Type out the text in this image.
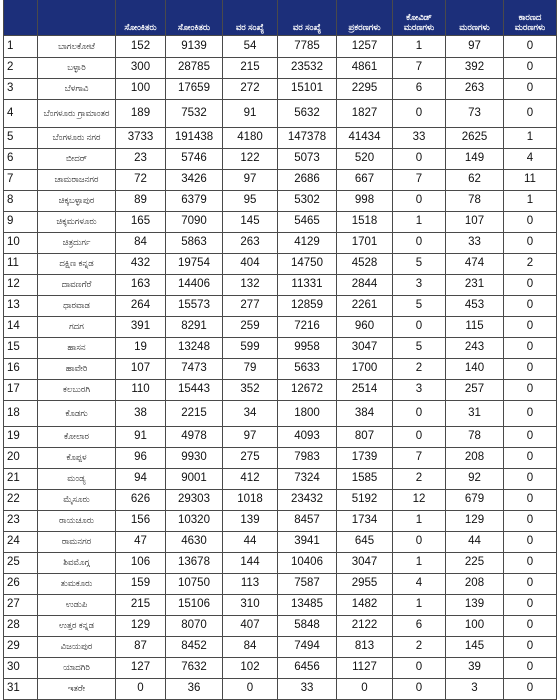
		ಸೋಂಕಿತರು	ಸೋಂಕಿತರು	ವರ ಸಂಖ್ಯೆ	ವರ ಸಂಖ್ಯೆ	ಪ್ರಕರಣಗಳು	ಕೋವಿಡ್ ಮರಣಗಳು	ಮರಣಗಳು	ಕಾರಣದ ಮರಣಗಳು
1	ಬಾಗಲಕೋಟೆ	152	9139	54	7785	1257	1	97	0
2	ಬಳ್ಳಾರಿ	300	28785	215	23532	4861	7	392	0
3	ಬೆಳಗಾವಿ	100	17659	272	15101	2295	6	263	0
4	ಬೆಂಗಳೂರು ಗ್ರಾಮಾಂತರ	189	7532	91	5632	1827	0	73	0
5	ಬೆಂಗಳೂರು ನಗರ	3733	191438	4180	147378	41434	33	2625	1
6	ಬೀದರ್	23	5746	122	5073	520	0	149	4
7	ಚಾಮರಾಜನಗರ	72	3426	97	2686	667	7	62	11
8	ಚಿಕ್ಕಬಳ್ಳಾಪುರ	89	6379	95	5302	998	0	78	1
9	ಚಿಕ್ಕಮಗಳೂರು	165	7090	145	5465	1518	1	107	0
10	ಚಿತ್ರದುರ್ಗ	84	5863	263	4129	1701	0	33	0
11	ದಕ್ಷಿಣ ಕನ್ನಡ	432	19754	404	14750	4528	5	474	2
12	ದಾವಣಗೆರೆ	163	14406	132	11331	2844	3	231	0
13	ಧಾರವಾಡ	264	15573	277	12859	2261	5	453	0
14	ಗದಗ	391	8291	259	7216	960	0	115	0
15	ಹಾಸನ	19	13248	599	9958	3047	5	243	0
16	ಹಾವೇರಿ	107	7473	79	5633	1700	2	140	0
17	ಕಲಬುರಗಿ	110	15443	352	12672	2514	3	257	0
18	ಕೊಡಗು	38	2215	34	1800	384	0	31	0
19	ಕೋಲಾರ	91	4978	97	4093	807	0	78	0
20	ಕೊಪ್ಪಳ	96	9930	275	7983	1739	7	208	0
21	ಮಂಡ್ಯ	94	9001	412	7324	1585	2	92	0
22	ಮೈಸೂರು	626	29303	1018	23432	5192	12	679	0
23	ರಾಯಚೂರು	156	10320	139	8457	1734	1	129	0
24	ರಾಮನಗರ	47	4630	44	3941	645	0	44	0
25	ಶಿವಮೊಗ್ಗ	106	13678	144	10406	3047	1	225	0
26	ತುಮಕೂರು	159	10750	113	7587	2955	4	208	0
27	ಉಡುಪಿ	215	15106	310	13485	1482	1	139	0
28	ಉತ್ತರ ಕನ್ನಡ	129	8070	407	5848	2122	6	100	0
29	ವಿಜಯಪುರ	87	8452	84	7494	813	2	145	0
30	ಯಾದಗಿರಿ	127	7632	102	6456	1127	0	39	0
31	ಇತರೇ	0	36	0	33	0	0	3	0
